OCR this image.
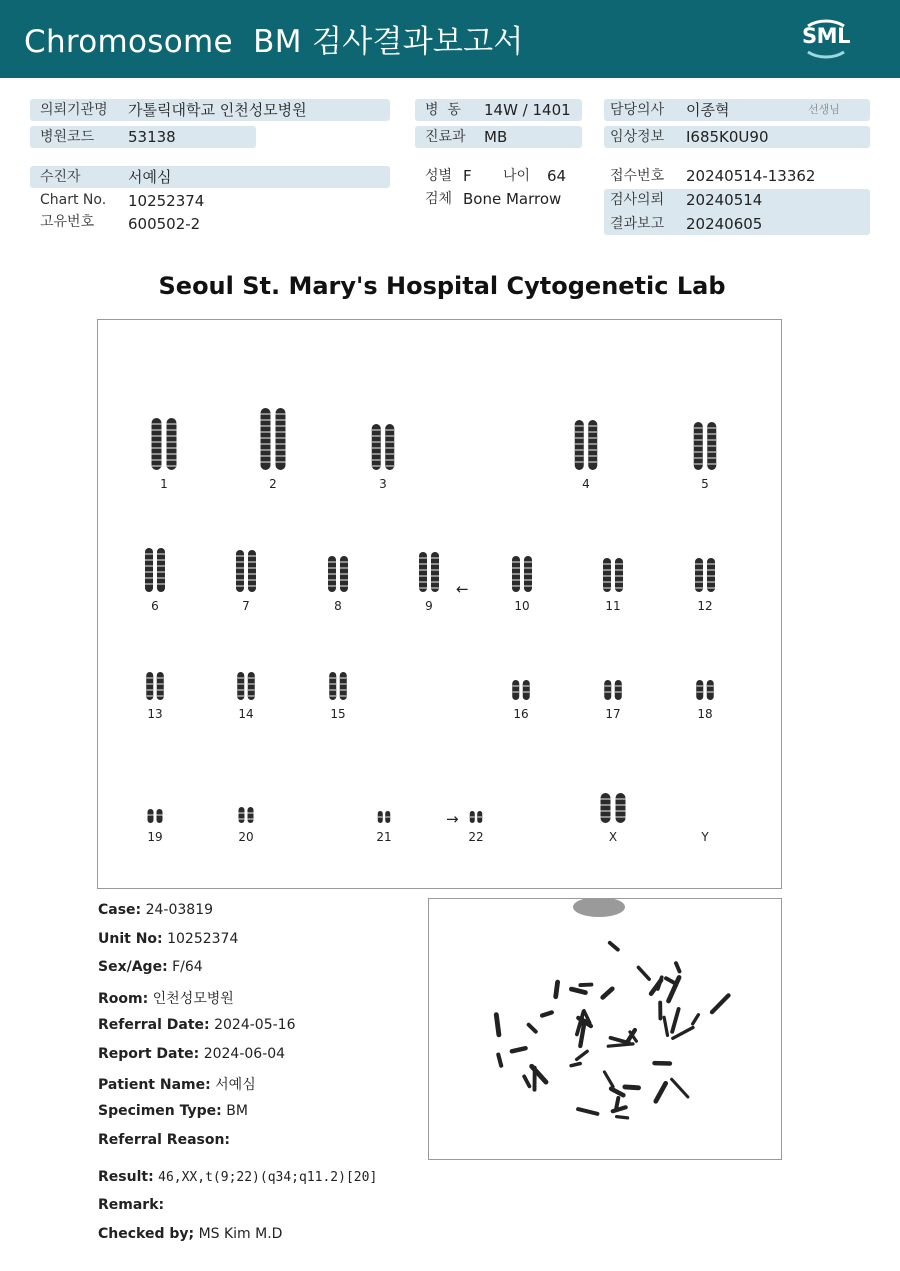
Chromosome  BM 검사결과보고서	SML
의뢰기관명 가톨릭대학교 인천성모병원
병원코드 53138
병  동 14W / 1401
진료과 MB
담당의사 이종혁	선생님
임상정보 I685K0U90
수진자	서예심
Chart No. 10252374
고유번호 600502-2
성별 F 나이 64
검체 Bone Marrow
접수번호 20240514-13362
검사의뢰 20240514
결과보고 20240605
Seoul St. Mary's Hospital Cytogenetic Lab
1	2	3	4	5
6	7	8	9	10	11	12
13	14	15	16	17	18
19	20	21	22	X	Y
←
→
Case: 24-03819
Unit No: 10252374
Sex/Age: F/64
Room: 인천성모병원
Referral Date: 2024-05-16
Report Date: 2024-06-04
Patient Name: 서예심
Specimen Type: BM
Referral Reason:
Result: 46,XX,t(9;22)(q34;q11.2)[20]
Remark:
Checked by; MS Kim M.D
